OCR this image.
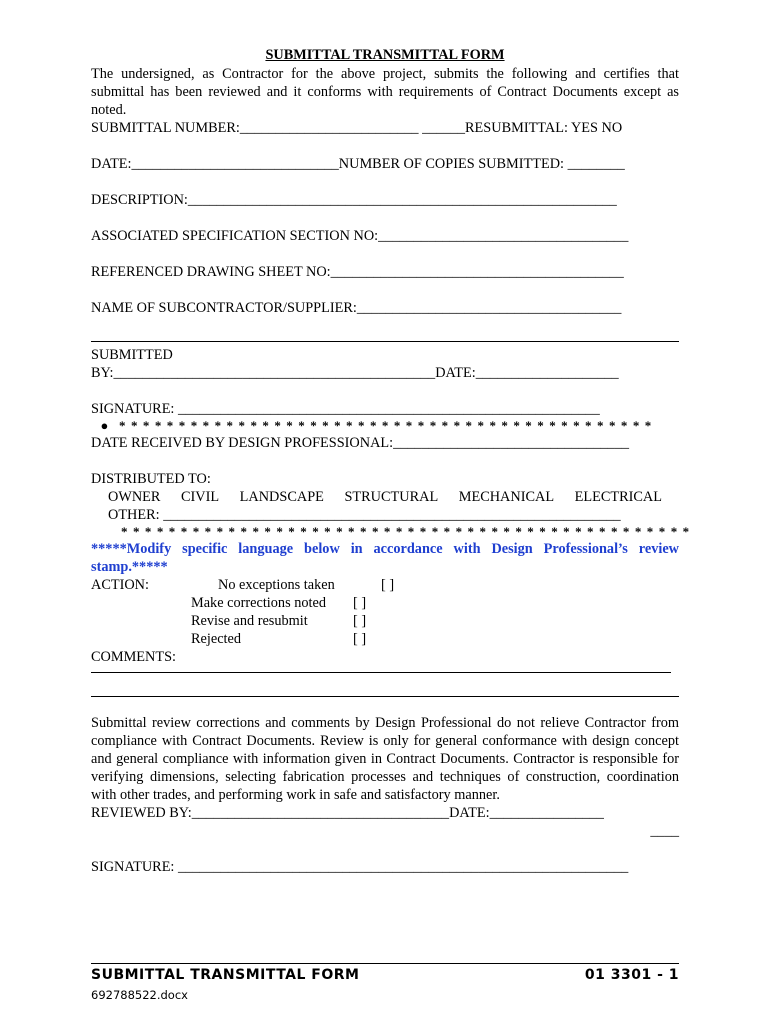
SUBMITTAL TRANSMITTAL FORM

The undersigned, as Contractor for the above project, submits the following and certifies that submittal has been reviewed and it conforms with requirements of Contract Documents except as noted.

SUBMITTAL NUMBER:_________________________ ______RESUBMITTAL: YES NO
DATE:_____________________________NUMBER OF COPIES SUBMITTED: ________
DESCRIPTION:____________________________________________________________
ASSOCIATED SPECIFICATION SECTION NO:___________________________________
REFERENCED DRAWING SHEET NO:_________________________________________
NAME OF SUBCONTRACTOR/SUPPLIER:_____________________________________
SUBMITTED
BY:_____________________________________________DATE:____________________
SIGNATURE: ___________________________________________________________
● * * * * * * * * * * * * * * * * * * * * * * * * * * * * * * * * * * * * * * * * * * * * *
DATE RECEIVED BY DESIGN PROFESSIONAL:_________________________________
DISTRIBUTED TO:
OWNER CIVIL LANDSCAPE STRUCTURAL MECHANICAL ELECTRICAL
OTHER: ________________________________________________________________
* * * * * * * * * * * * * * * * * * * * * * * * * * * * * * * * * * * * * * * * * * * * * * * *
*****Modify specific language below in accordance with Design Professional’s review stamp.*****
ACTION:	No exceptions taken	[ ]
Make corrections noted [ ]
Revise and resubmit	[ ]
Rejected	[ ]
COMMENTS:

Submittal review corrections and comments by Design Professional do not relieve Contractor from compliance with Contract Documents. Review is only for general conformance with design concept and general compliance with information given in Contract Documents. Contractor is responsible for verifying dimensions, selecting fabrication processes and techniques of construction, coordination with other trades, and performing work in safe and satisfactory manner.

REVIEWED BY:____________________________________DATE:________________
____
SIGNATURE: _______________________________________________________________
SUBMITTAL TRANSMITTAL FORM	01 3301 - 1
692788522.docx
